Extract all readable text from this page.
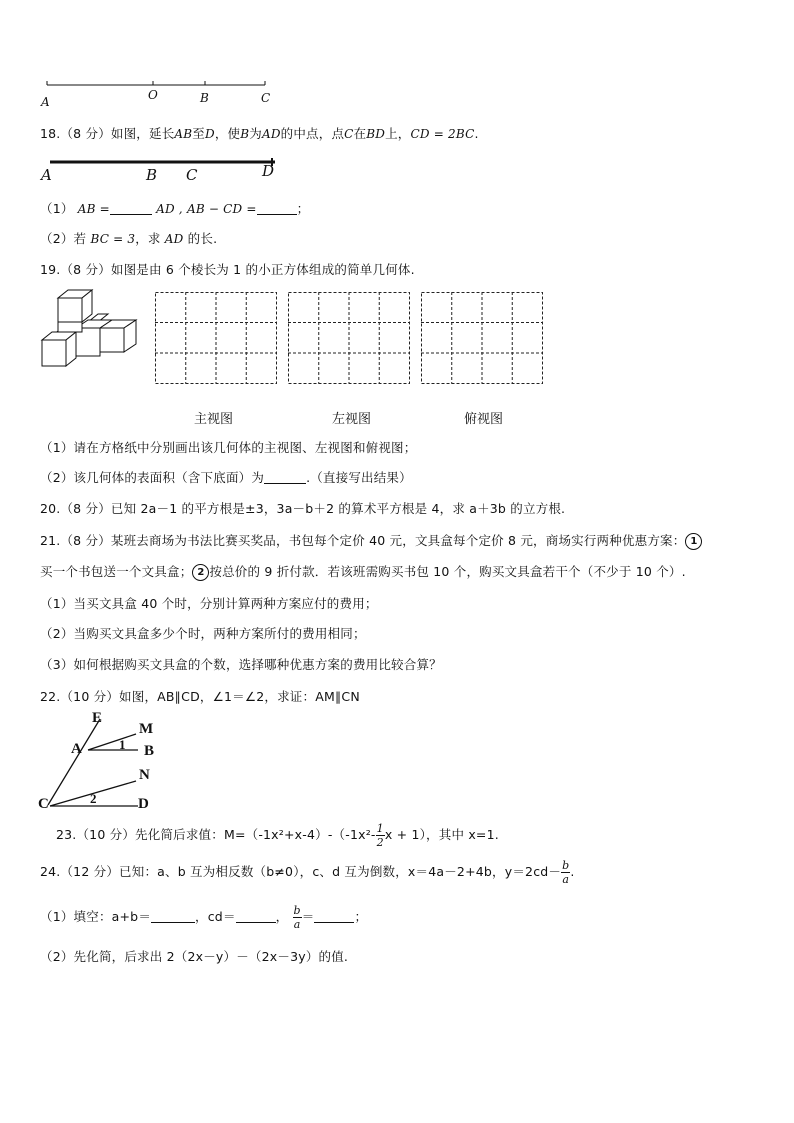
A	O	B	C
18.（8 分）如图，延长AB至D，使B为AD的中点，点C在BD上，CD = 2BC.
A	B C	D
（1） AB =	AD , AB − CD =	；
（2）若 BC = 3，求 AD 的长.
19.（8 分）如图是由 6 个棱长为 1 的小正方体组成的简单几何体.
主视图	左视图	俯视图
（1）请在方格纸中分别画出该几何体的主视图、左视图和俯视图；
（2）该几何体的表面积（含下底面）为	.（直接写出结果）
20.（8 分）已知 2a－1 的平方根是±3，3a－b＋2 的算术平方根是 4，求 a＋3b 的立方根.
21.（8 分）某班去商场为书法比赛买奖品，书包每个定价 40 元，文具盒每个定价 8 元，商场实行两种优惠方案： 1
买一个书包送一个文具盒； 2 按总价的 9 折付款．若该班需购买书包 10 个，购买文具盒若干个（不少于 10 个）.
（1）当买文具盒 40 个时，分别计算两种方案应付的费用；
（2）当购买文具盒多少个时，两种方案所付的费用相同；
（3）如何根据购买文具盒的个数，选择哪种优惠方案的费用比较合算？
22.（10 分）如图，AB∥CD，∠1＝∠2，求证：AM∥CN
E
M
A	1 B
N
C	2	D
23.（10 分）先化简后求值：$M=(-1x^2+x-4)-(-1x^2- \frac{1}{2}$ x + 1），其中 x=1.
24.（12 分）已知：a、b 互为相反数（b≠0），c、d 互为倒数，x＝4a－2+4b，$y=2cd- \frac{b}{a}$ .
（1）填空：a+b＝	，cd＝	， $\frac{b}{a}$ ＝	；
（2）先化简，后求出 2（2x－y）－（2x－3y）的值.
